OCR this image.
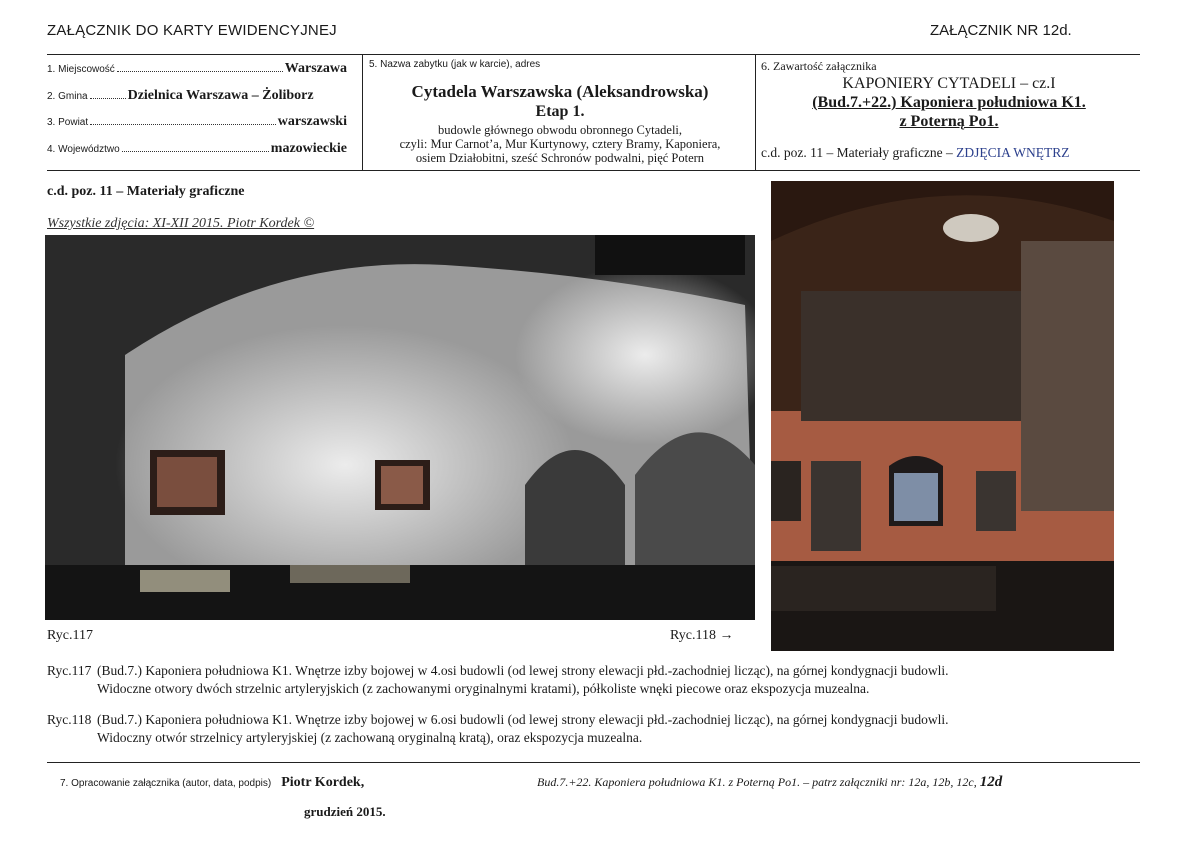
ZAŁĄCZNIK DO KARTY EWIDENCYJNEJ	ZAŁĄCZNIK NR 12d.
1. Miejscowość	Warszawa
2. Gmina	Dzielnica Warszawa – Żoliborz
3. Powiat	warszawski
4. Województwo	mazowieckie
5. Nazwa zabytku (jak w karcie), adres
Cytadela Warszawska (Aleksandrowska)
Etap 1.
budowle głównego obwodu obronnego Cytadeli,
czyli: Mur Carnot’a, Mur Kurtynowy, cztery Bramy, Kaponiera,
osiem Działobitni, sześć Schronów podwalni, pięć Potern
6. Zawartość załącznika
KAPONIERY CYTADELI – cz.I
(Bud.7.+22.) Kaponiera południowa K1.
z Poterną Po1.
c.d. poz. 11 – Materiały graficzne – ZDJĘCIA WNĘTRZ
c.d. poz. 11 – Materiały graficzne
Wszystkie zdjęcia: XI-XII 2015. Piotr Kordek ©
Ryc.117	Ryc.118 →
Ryc.117 (Bud.7.) Kaponiera południowa K1. Wnętrze izby bojowej w 4.osi budowli (od lewej strony elewacji płd.-zachodniej licząc), na górnej kondygnacji budowli.
Widoczne otwory dwóch strzelnic artyleryjskich (z zachowanymi oryginalnymi kratami), półkoliste wnęki piecowe oraz ekspozycja muzealna.
Ryc.118 (Bud.7.) Kaponiera południowa K1. Wnętrze izby bojowej w 6.osi budowli (od lewej strony elewacji płd.-zachodniej licząc), na górnej kondygnacji budowli.
Widoczny otwór strzelnicy artyleryjskiej (z zachowaną oryginalną kratą), oraz ekspozycja muzealna.
7. Opracowanie załącznika (autor, data, podpis) Piotr Kordek,
grudzień 2015.
Bud.7.+22. Kaponiera południowa K1. z Poterną Po1. – patrz załączniki nr: 12a, 12b, 12c, 12d
